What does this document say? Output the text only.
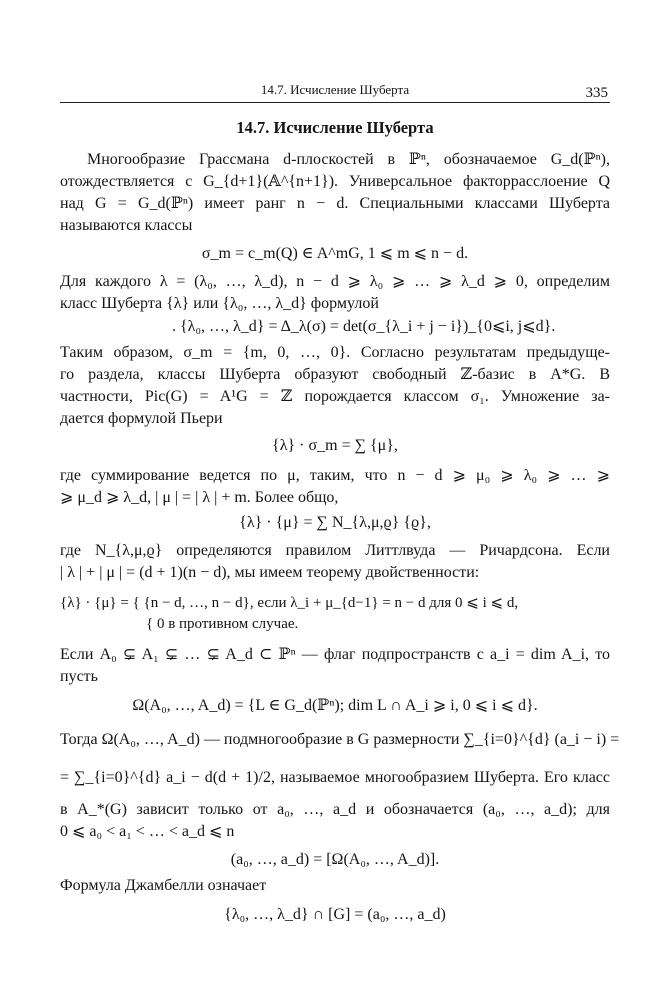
14.7. Исчисление Шуберта	335
14.7. Исчисление Шуберта
Многообразие Грассмана d-плоскостей в ℙⁿ, обозначаемое G_d(ℙⁿ),
отождествляется с G_{d+1}(𝔸^{n+1}). Универсальное факторрасслоение Q
над G = G_d(ℙⁿ) имеет ранг n − d. Специальными классами Шуберта
называются классы
σ_m = c_m(Q) ∈ A^mG, 1 ⩽ m ⩽ n − d.
Для каждого λ = (λ₀, …, λ_d), n − d ⩾ λ₀ ⩾ … ⩾ λ_d ⩾ 0, определим
класс Шуберта {λ} или {λ₀, …, λ_d} формулой
. {λ₀, …, λ_d} = Δ_λ(σ) = det(σ_{λ_i + j − i})_{0⩽i, j⩽d}.
Таким образом, σ_m = {m, 0, …, 0}. Согласно результатам предыдуще-
го раздела, классы Шуберта образуют свободный ℤ-базис в A*G. В
частности, Pic(G) = A¹G = ℤ порождается классом σ₁. Умножение за-
дается формулой Пьери
{λ} · σ_m = ∑ {μ},
где суммирование ведется по μ, таким, что n − d ⩾ μ₀ ⩾ λ₀ ⩾ … ⩾
⩾ μ_d ⩾ λ_d, | μ | = | λ | + m. Более общо,
{λ} · {μ} = ∑ N_{λ,μ,ϱ} {ϱ},
где N_{λ,μ,ϱ} определяются правилом Литтлвуда — Ричардсона. Если
| λ | + | μ | = (d + 1)(n − d), мы имеем теорему двойственности:
{λ} · {μ} = { {n − d, …, n − d}, если λ_i + μ_{d−1} = n − d для 0 ⩽ i ⩽ d,
{ 0 в противном случае.
Если A₀ ⊊ A₁ ⊊ … ⊊ A_d ⊂ ℙⁿ — флаг подпространств с a_i = dim A_i, то
пусть
Ω(A₀, …, A_d) = {L ∈ G_d(ℙⁿ); dim L ∩ A_i ⩾ i, 0 ⩽ i ⩽ d}.
Тогда Ω(A₀, …, A_d) — подмногообразие в G размерности ∑_{i=0}^{d} (a_i − i) =
= ∑_{i=0}^{d} a_i − d(d + 1)/2, называемое многообразием Шуберта. Его класс
в A_*(G) зависит только от a₀, …, a_d и обозначается (a₀, …, a_d); для
0 ⩽ a₀ < a₁ < … < a_d ⩽ n
(a₀, …, a_d) = [Ω(A₀, …, A_d)].
Формула Джамбелли означает
{λ₀, …, λ_d} ∩ [G] = (a₀, …, a_d)
